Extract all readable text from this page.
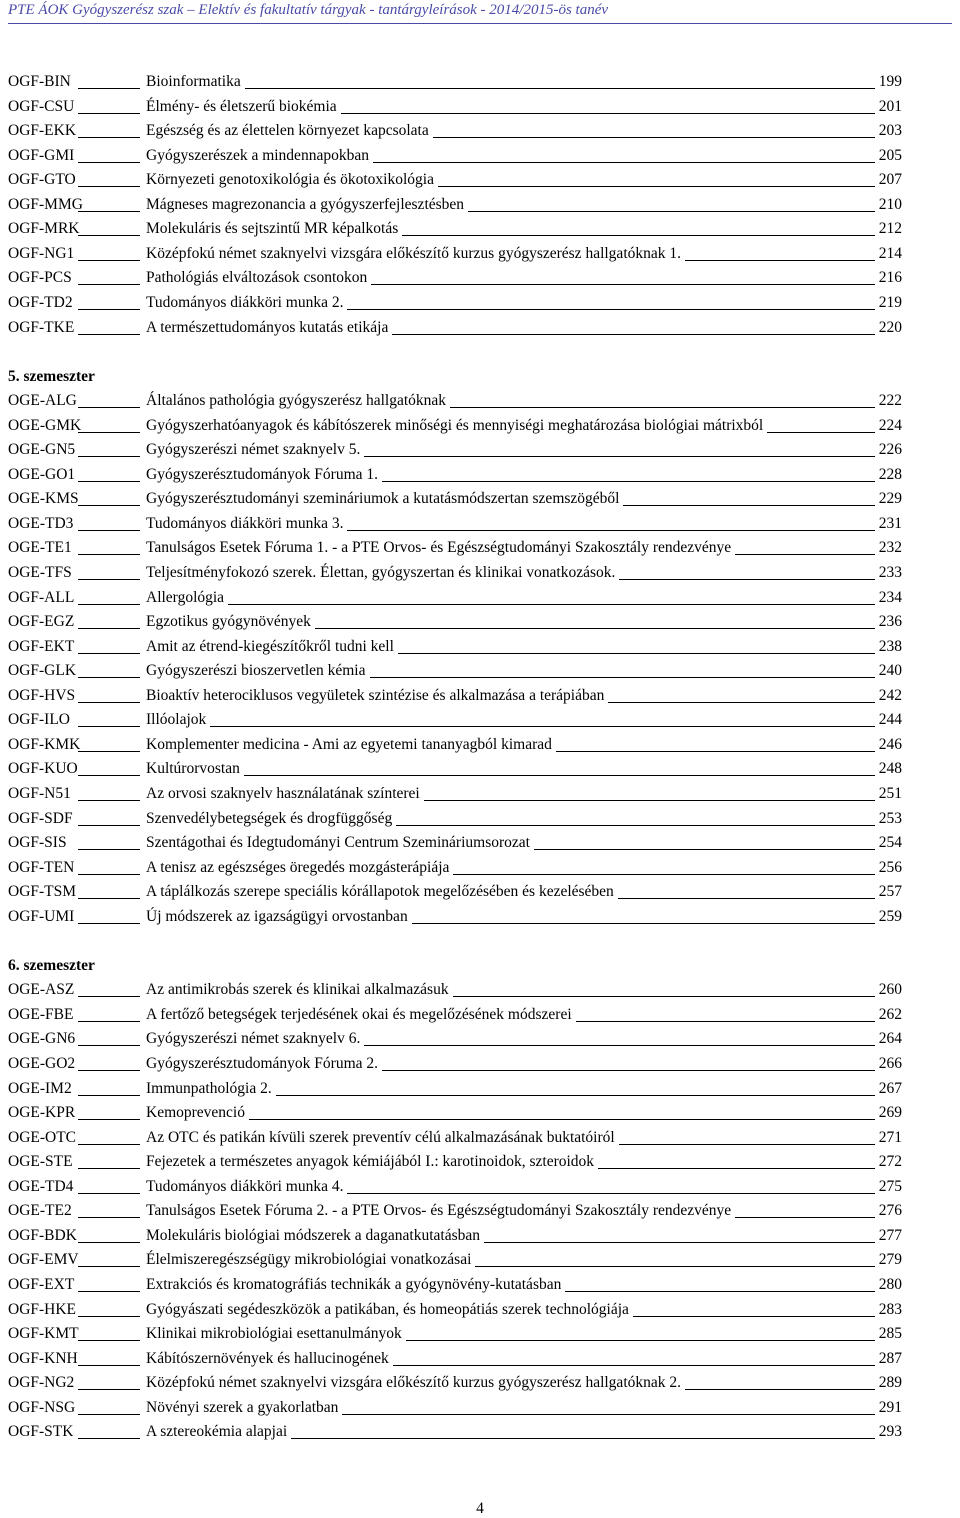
PTE ÁOK Gyógyszerész szak – Elektív és fakultatív tárgyak - tantárgyleírások - 2014/2015-ös tanév
OGF-BIN	Bioinformatika	199
OGF-CSU	Élmény- és életszerű biokémia	201
OGF-EKK	Egészség és az élettelen környezet kapcsolata	203
OGF-GMI	Gyógyszerészek a mindennapokban	205
OGF-GTO	Környezeti genotoxikológia és ökotoxikológia	207
OGF-MMG	Mágneses magrezonancia a gyógyszerfejlesztésben	210
OGF-MRK	Molekuláris és sejtszintű MR képalkotás	212
OGF-NG1	Középfokú német szaknyelvi vizsgára előkészítő kurzus gyógyszerész hallgatóknak 1.	214
OGF-PCS	Pathológiás elváltozások csontokon	216
OGF-TD2	Tudományos diákköri munka 2.	219
OGF-TKE	A természettudományos kutatás etikája	220
5. szemeszter
OGE-ALG	Általános pathológia gyógyszerész hallgatóknak	222
OGE-GMK	Gyógyszerhatóanyagok és kábítószerek minőségi és mennyiségi meghatározása biológiai mátrixból	224
OGE-GN5	Gyógyszerészi német szaknyelv 5.	226
OGE-GO1	Gyógyszerésztudományok Fóruma 1.	228
OGE-KMS	Gyógyszerésztudományi szemináriumok a kutatásmódszertan szemszögéből	229
OGE-TD3	Tudományos diákköri munka 3.	231
OGE-TE1	Tanulságos Esetek Fóruma 1. - a PTE Orvos- és Egészségtudományi Szakosztály rendezvénye	232
OGE-TFS	Teljesítményfokozó szerek. Élettan, gyógyszertan és klinikai vonatkozások.	233
OGF-ALL	Allergológia	234
OGF-EGZ	Egzotikus gyógynövények	236
OGF-EKT	Amit az étrend-kiegészítőkről tudni kell	238
OGF-GLK	Gyógyszerészi bioszervetlen kémia	240
OGF-HVS	Bioaktív heterociklusos vegyületek szintézise és alkalmazása a terápiában	242
OGF-ILO	Illóolajok	244
OGF-KMK	Komplementer medicina - Ami az egyetemi tananyagból kimarad	246
OGF-KUO	Kultúrorvostan	248
OGF-N51	Az orvosi szaknyelv használatának színterei	251
OGF-SDF	Szenvedélybetegségek és drogfüggőség	253
OGF-SIS	Szentágothai és Idegtudományi Centrum Szemináriumsorozat	254
OGF-TEN	A tenisz az egészséges öregedés mozgásterápiája	256
OGF-TSM	A táplálkozás szerepe speciális kórállapotok megelőzésében és kezelésében	257
OGF-UMI	Új módszerek az igazságügyi orvostanban	259
6. szemeszter
OGE-ASZ	Az antimikrobás szerek és klinikai alkalmazásuk	260
OGE-FBE	A fertőző betegségek terjedésének okai és megelőzésének módszerei	262
OGE-GN6	Gyógyszerészi német szaknyelv 6.	264
OGE-GO2	Gyógyszerésztudományok Fóruma 2.	266
OGE-IM2	Immunpathológia 2.	267
OGE-KPR	Kemoprevenció	269
OGE-OTC	Az OTC és patikán kívüli szerek preventív célú alkalmazásának buktatóiról	271
OGE-STE	Fejezetek a természetes anyagok kémiájából I.: karotinoidok, szteroidok	272
OGE-TD4	Tudományos diákköri munka 4.	275
OGE-TE2	Tanulságos Esetek Fóruma 2. - a PTE Orvos- és Egészségtudományi Szakosztály rendezvénye	276
OGF-BDK	Molekuláris biológiai módszerek a daganatkutatásban	277
OGF-EMV	Élelmiszeregészségügy mikrobiológiai vonatkozásai	279
OGF-EXT	Extrakciós és kromatográfiás technikák a gyógynövény-kutatásban	280
OGF-HKE	Gyógyászati segédeszközök a patikában, és homeopátiás szerek technológiája	283
OGF-KMT	Klinikai mikrobiológiai esettanulmányok	285
OGF-KNH	Kábítószernövények és hallucinogének	287
OGF-NG2	Középfokú német szaknyelvi vizsgára előkészítő kurzus gyógyszerész hallgatóknak 2.	289
OGF-NSG	Növényi szerek a gyakorlatban	291
OGF-STK	A sztereokémia alapjai	293
4
